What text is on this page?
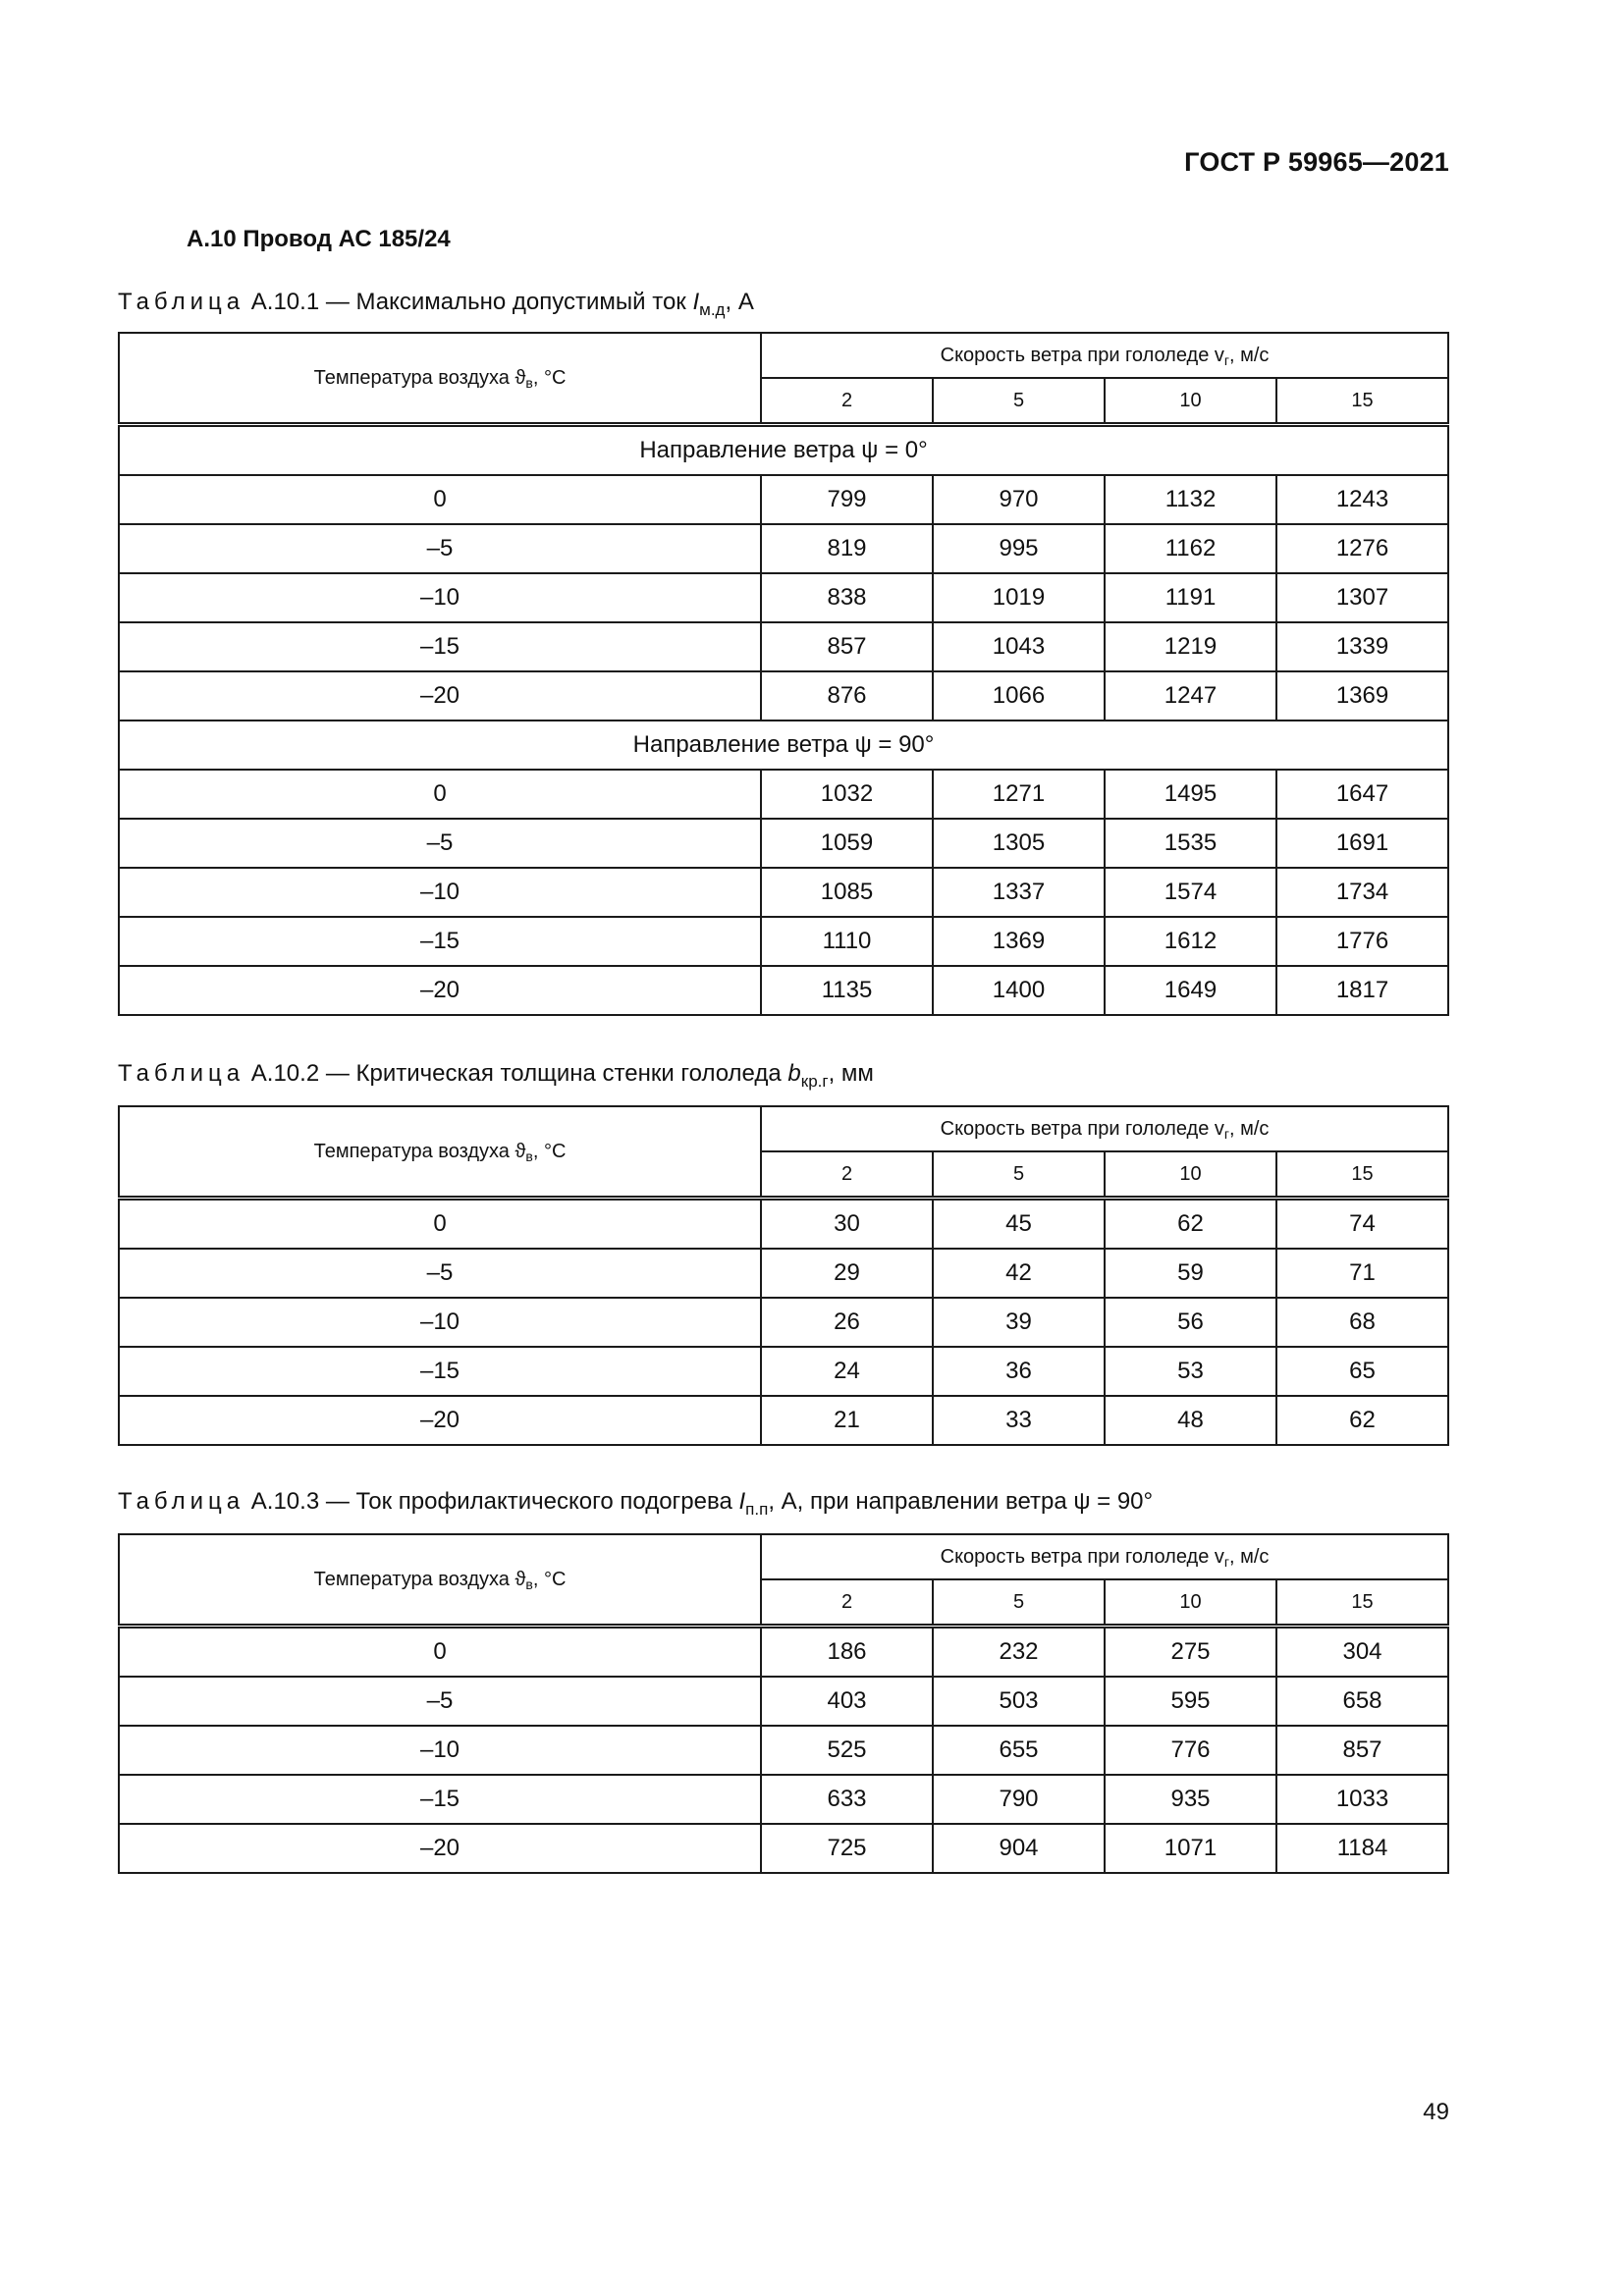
ГОСТ Р 59965—2021
А.10 Провод АС 185/24
Таблица А.10.1 — Максимально допустимый ток $I_{м.д}$, А
Температура воздуха $ϑ_в$, °C	Скорость ветра при гололеде $v_г$, м/с			
	2	5	10	15
Направление ветра ψ = 0°				
0	799	970	1132	1243
–5	819	995	1162	1276
–10	838	1019	1191	1307
–15	857	1043	1219	1339
–20	876	1066	1247	1369
Направление ветра ψ = 90°				
0	1032	1271	1495	1647
–5	1059	1305	1535	1691
–10	1085	1337	1574	1734
–15	1110	1369	1612	1776
–20	1135	1400	1649	1817
Таблица А.10.2 — Критическая толщина стенки гололеда $b_{кр.г}$, мм
Температура воздуха $ϑ_в$, °C	Скорость ветра при гололеде $v_г$, м/с			
	2	5	10	15
0	30	45	62	74
–5	29	42	59	71
–10	26	39	56	68
–15	24	36	53	65
–20	21	33	48	62
Таблица А.10.3 — Ток профилактического подогрева $I_{п.п}$, А, при направлении ветра ψ = 90°
Температура воздуха $ϑ_в$, °C	Скорость ветра при гололеде $v_г$, м/с			
	2	5	10	15
0	186	232	275	304
–5	403	503	595	658
–10	525	655	776	857
–15	633	790	935	1033
–20	725	904	1071	1184
49
